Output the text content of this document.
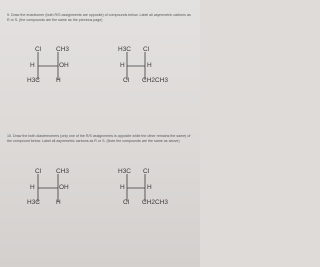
9. Draw the enantiomer (both R/S assignments are opposite) of compounds below. Label all asymmetric carbons as R or S. (the compounds are the same as the previous page)
Cl CH3
H	OH
H3C H
H3C Cl
H	H
Cl CH2CH3
10. Draw the both diastereomers (only one of the R/S assignments is opposite while the other remains the same) of the compound below. Label all asymmetric carbons as R or S. (Note the compounds are the same as above)
Cl CH3
H	OH
H3C H
H3C Cl
H	H
Cl CH2CH3
